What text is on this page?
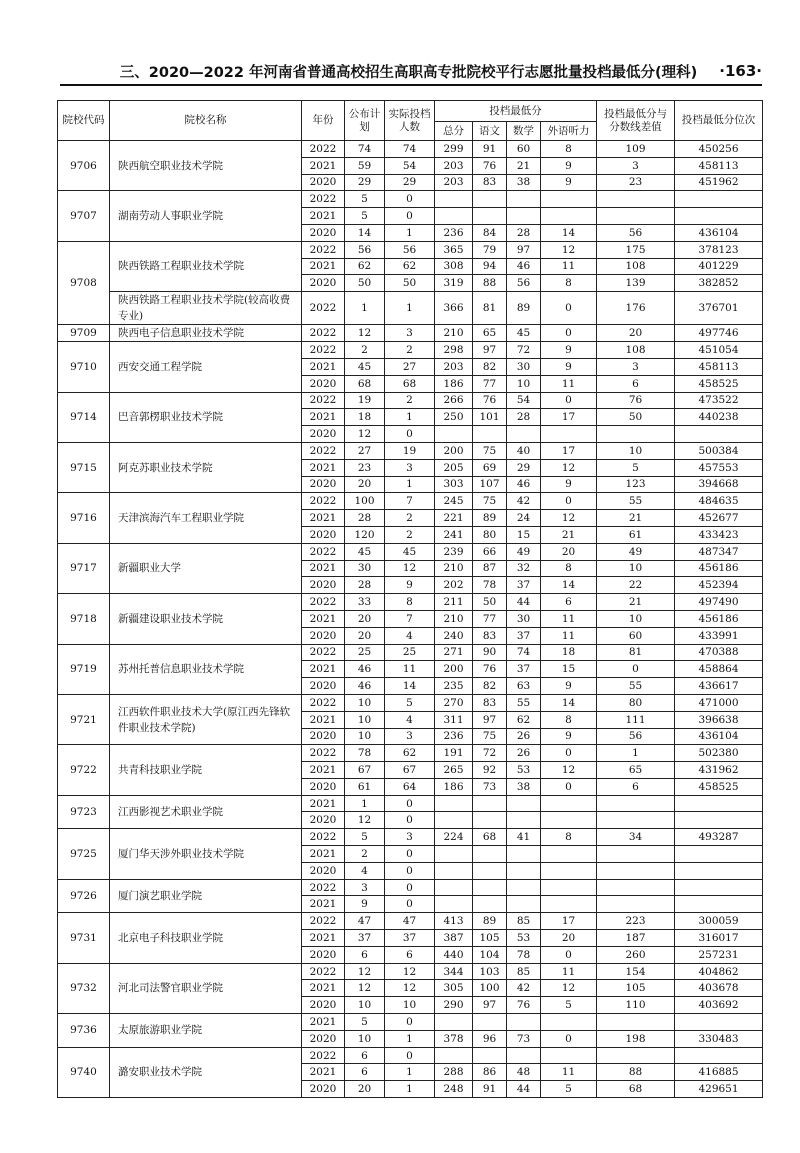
三、2020—2022 年河南省普通高校招生高职高专批院校平行志愿批量投档最低分(理科) ·163·
院校代码	院校名称	年份	公布计划	实际投档人数	投档最低分				投档最低分与分数线差值	投档最低分位次
					总分	语文	数学	外语听力		
9706	陕西航空职业技术学院	2022	74	74	299	91	60	8	109	450256
		2021	59	54	203	76	21	9	3	458113
		2020	29	29	203	83	38	9	23	451962
9707	湖南劳动人事职业学院	2022	5	0						
		2021	5	0						
		2020	14	1	236	84	28	14	56	436104
9708	陕西铁路工程职业技术学院	2022	56	56	365	79	97	12	175	378123
		2021	62	62	308	94	46	11	108	401229
		2020	50	50	319	88	56	8	139	382852
	陕西铁路工程职业技术学院(较高收费专业)	2022	1	1	366	81	89	0	176	376701
9709	陕西电子信息职业技术学院	2022	12	3	210	65	45	0	20	497746
9710	西安交通工程学院	2022	2	2	298	97	72	9	108	451054
		2021	45	27	203	82	30	9	3	458113
		2020	68	68	186	77	10	11	6	458525
9714	巴音郭楞职业技术学院	2022	19	2	266	76	54	0	76	473522
		2021	18	1	250	101	28	17	50	440238
		2020	12	0						
9715	阿克苏职业技术学院	2022	27	19	200	75	40	17	10	500384
		2021	23	3	205	69	29	12	5	457553
		2020	20	1	303	107	46	9	123	394668
9716	天津滨海汽车工程职业学院	2022	100	7	245	75	42	0	55	484635
		2021	28	2	221	89	24	12	21	452677
		2020	120	2	241	80	15	21	61	433423
9717	新疆职业大学	2022	45	45	239	66	49	20	49	487347
		2021	30	12	210	87	32	8	10	456186
		2020	28	9	202	78	37	14	22	452394
9718	新疆建设职业技术学院	2022	33	8	211	50	44	6	21	497490
		2021	20	7	210	77	30	11	10	456186
		2020	20	4	240	83	37	11	60	433991
9719	苏州托普信息职业技术学院	2022	25	25	271	90	74	18	81	470388
		2021	46	11	200	76	37	15	0	458864
		2020	46	14	235	82	63	9	55	436617
9721	江西软件职业技术大学(原江西先锋软件职业技术学院)	2022	10	5	270	83	55	14	80	471000
		2021	10	4	311	97	62	8	111	396638
		2020	10	3	236	75	26	9	56	436104
9722	共青科技职业学院	2022	78	62	191	72	26	0	1	502380
		2021	67	67	265	92	53	12	65	431962
		2020	61	64	186	73	38	0	6	458525
9723	江西影视艺术职业学院	2021	1	0						
		2020	12	0						
9725	厦门华天涉外职业技术学院	2022	5	3	224	68	41	8	34	493287
		2021	2	0						
		2020	4	0						
9726	厦门演艺职业学院	2022	3	0						
		2021	9	0						
9731	北京电子科技职业学院	2022	47	47	413	89	85	17	223	300059
		2021	37	37	387	105	53	20	187	316017
		2020	6	6	440	104	78	0	260	257231
9732	河北司法警官职业学院	2022	12	12	344	103	85	11	154	404862
		2021	12	12	305	100	42	12	105	403678
		2020	10	10	290	97	76	5	110	403692
9736	太原旅游职业学院	2021	5	0						
		2020	10	1	378	96	73	0	198	330483
9740	潞安职业技术学院	2022	6	0						
		2021	6	1	288	86	48	11	88	416885
		2020	20	1	248	91	44	5	68	429651
